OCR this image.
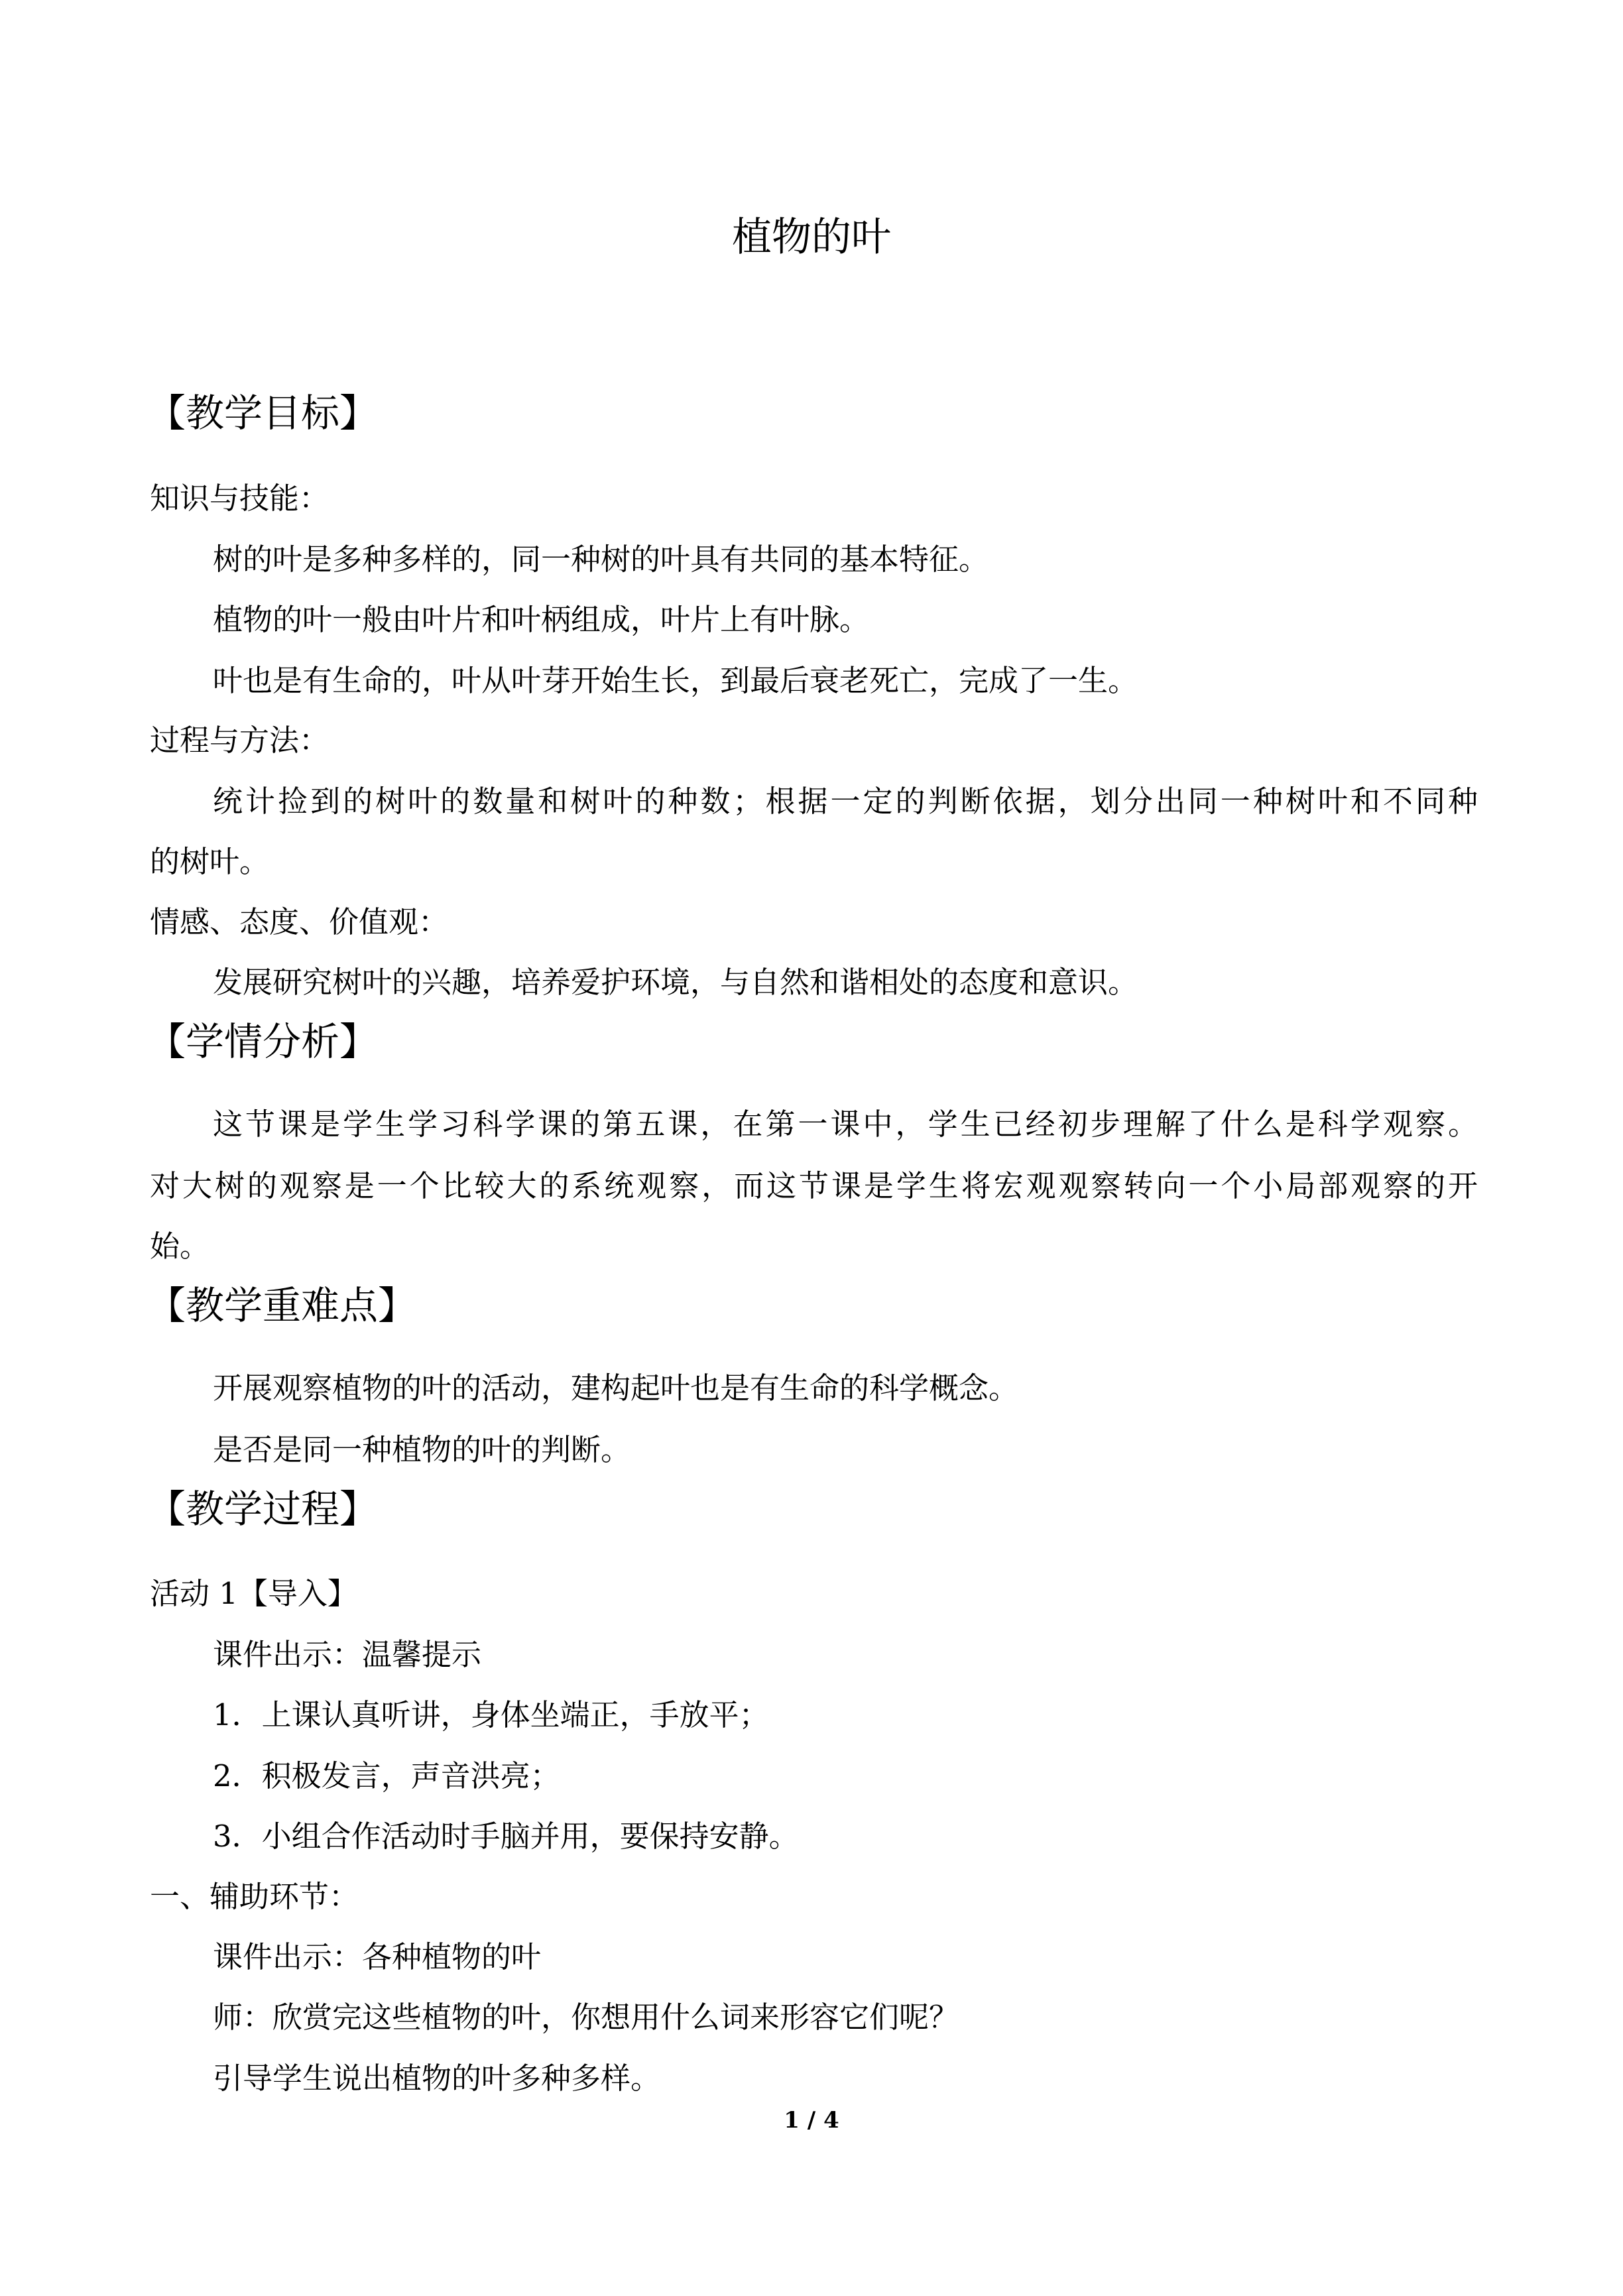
植物的叶
【教学目标】
知识与技能：
树的叶是多种多样的，同一种树的叶具有共同的基本特征。
植物的叶一般由叶片和叶柄组成，叶片上有叶脉。
叶也是有生命的，叶从叶芽开始生长，到最后衰老死亡，完成了一生。
过程与方法：
统计捡到的树叶的数量和树叶的种数；根据一定的判断依据，划分出同一种树叶和不同种
的树叶。
情感、态度、价值观：
发展研究树叶的兴趣，培养爱护环境，与自然和谐相处的态度和意识。
【学情分析】
这节课是学生学习科学课的第五课，在第一课中，学生已经初步理解了什么是科学观察。
对大树的观察是一个比较大的系统观察，而这节课是学生将宏观观察转向一个小局部观察的开
始。
【教学重难点】
开展观察植物的叶的活动，建构起叶也是有生命的科学概念。
是否是同一种植物的叶的判断。
【教学过程】
活动 1【导入】
课件出示：温馨提示
1．上课认真听讲，身体坐端正，手放平；
2．积极发言，声音洪亮；
3．小组合作活动时手脑并用，要保持安静。
一、辅助环节：
课件出示：各种植物的叶
师：欣赏完这些植物的叶，你想用什么词来形容它们呢？
引导学生说出植物的叶多种多样。
1 / 4
